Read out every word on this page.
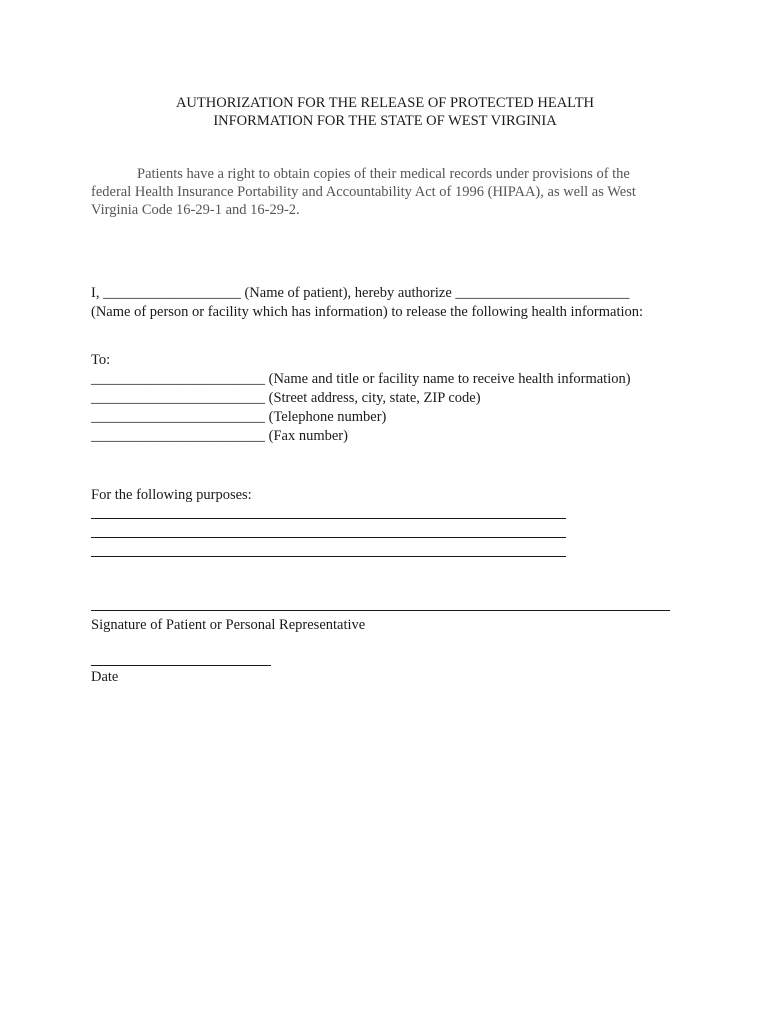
AUTHORIZATION FOR THE RELEASE OF PROTECTED HEALTH
INFORMATION FOR THE STATE OF WEST VIRGINIA
Patients have a right to obtain copies of their medical records under provisions of the
federal Health Insurance Portability and Accountability Act of 1996 (HIPAA), as well as West
Virginia Code 16-29-1 and 16-29-2.
I, ___________________ (Name of patient), hereby authorize ________________________
(Name of person or facility which has information) to release the following health information:
To:
________________________ (Name and title or facility name to receive health information)
________________________ (Street address, city, state, ZIP code)
________________________ (Telephone number)
________________________ (Fax number)
For the following purposes:
Signature of Patient or Personal Representative
Date
